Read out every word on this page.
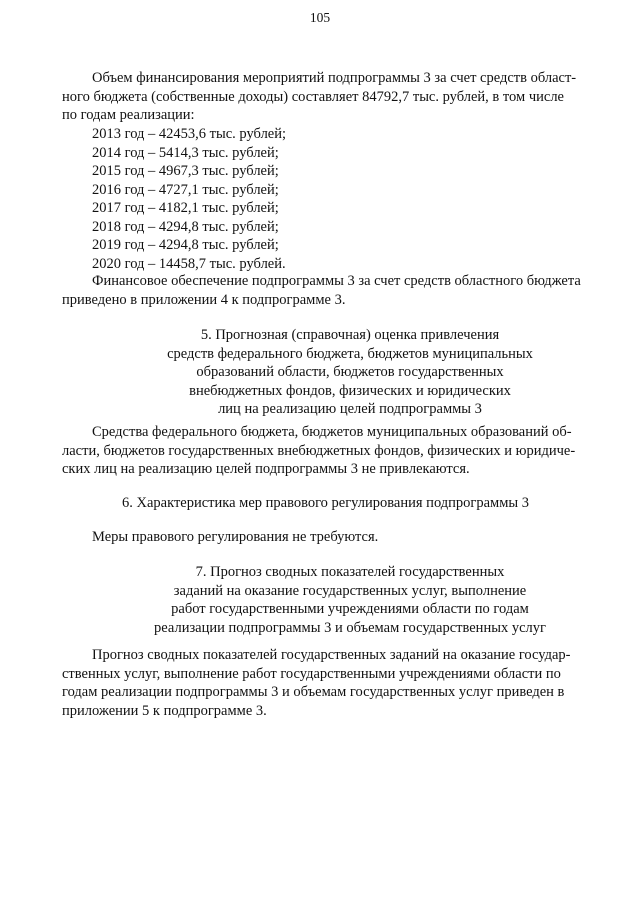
105
Объем финансирования мероприятий подпрограммы 3 за счет средств област-
ного бюджета (собственные доходы) составляет 84792,7 тыс. рублей, в том числе
по годам реализации:
2013 год – 42453,6 тыс. рублей;
2014 год – 5414,3 тыс. рублей;
2015 год – 4967,3 тыс. рублей;
2016 год – 4727,1 тыс. рублей;
2017 год – 4182,1 тыс. рублей;
2018 год – 4294,8 тыс. рублей;
2019 год – 4294,8 тыс. рублей;
2020 год – 14458,7 тыс. рублей.
Финансовое обеспечение подпрограммы 3 за счет средств областного бюджета
приведено в приложении 4 к подпрограмме 3.
5. Прогнозная (справочная) оценка привлечения
средств федерального бюджета, бюджетов муниципальных
образований области, бюджетов государственных
внебюджетных фондов, физических и юридических
лиц на реализацию целей подпрограммы 3
Средства федерального бюджета, бюджетов муниципальных образований об-
ласти, бюджетов государственных внебюджетных фондов, физических и юридиче-
ских лиц на реализацию целей подпрограммы 3 не привлекаются.
6. Характеристика мер правового регулирования подпрограммы 3
Меры правового регулирования не требуются.
7. Прогноз сводных показателей государственных
заданий на оказание государственных услуг, выполнение
работ государственными учреждениями области по годам
реализации подпрограммы 3 и объемам государственных услуг
Прогноз сводных показателей государственных заданий на оказание государ-
ственных услуг, выполнение работ государственными учреждениями области по
годам реализации подпрограммы 3 и объемам государственных услуг приведен в
приложении 5 к подпрограмме 3.
